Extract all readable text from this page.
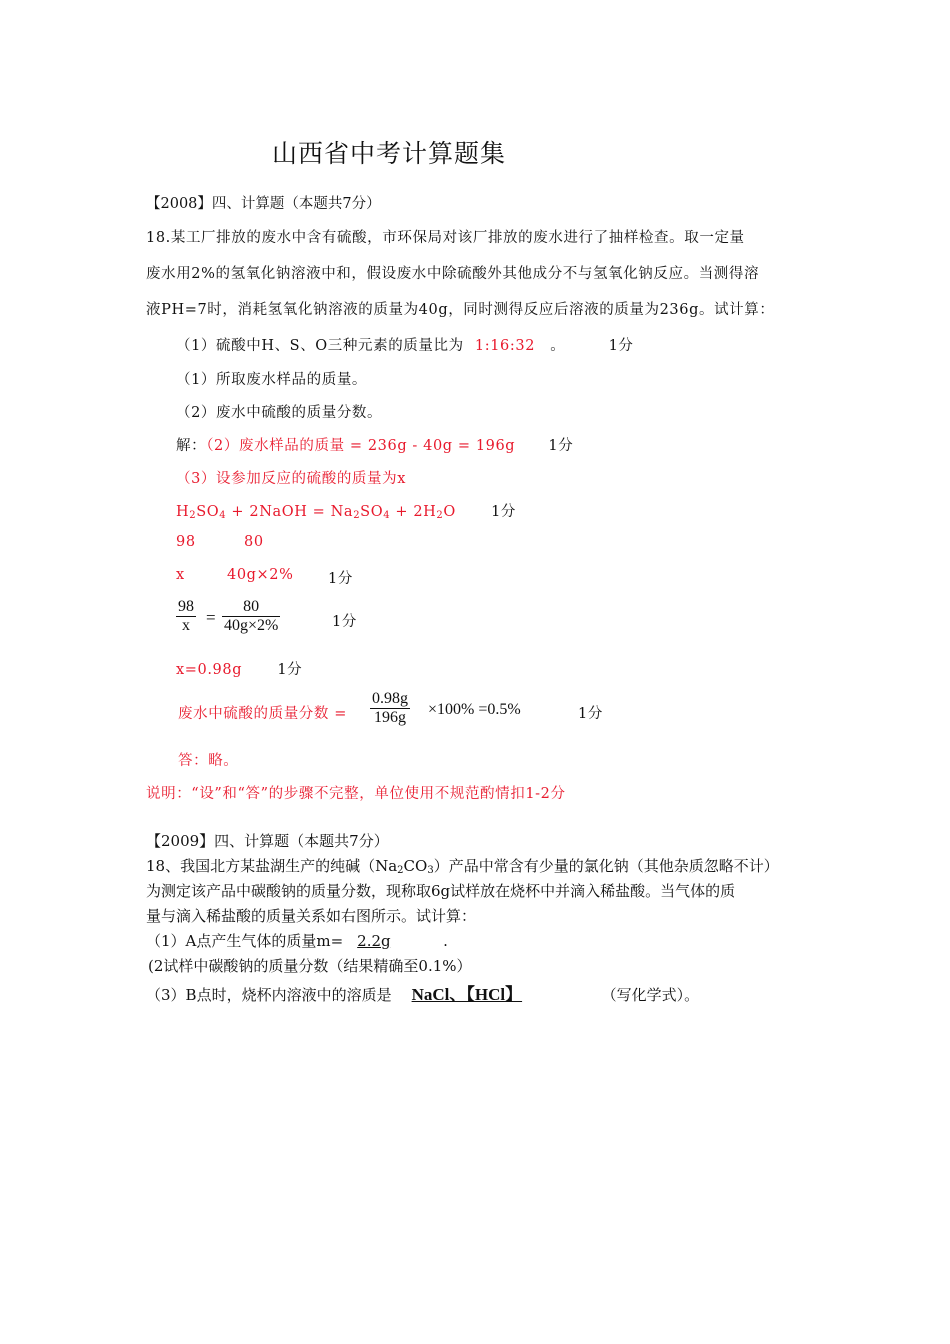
山西省中考计算题集
【2008】四、计算题（本题共7分）
18.某工厂排放的废水中含有硫酸，市环保局对该厂排放的废水进行了抽样检查。取一定量
废水用2%的氢氧化钠溶液中和，假设废水中除硫酸外其他成分不与氢氧化钠反应。当测得溶
液PH=7时，消耗氢氧化钠溶液的质量为40g，同时测得反应后溶液的质量为236g。试计算：
（1）硫酸中H、S、O三种元素的质量比为 1:16:32 。	1分
（1）所取废水样品的质量。
（2）废水中硫酸的质量分数。
解：（2）废水样品的质量 = 236g - 40g = 196g 1分
（3）设参加反应的硫酸的质量为x
$H_2SO_4$ + 2NaOH = $Na_2SO_4 + 2H_2O$ 1分
98	80
x	40g×2% 1分
$\frac{98}{x} = \frac{80}{40g\times 2\%}$	1分
x=0.98g 1分
废水中硫酸的质量分数 = $\frac{0.98g}{196g} \times 100\% =0.5\%$	1分
答：略。
说明：“设”和“答”的步骤不完整，单位使用不规范酌情扣1-2分
【2009】四、计算题（本题共7分）
18、我国北方某盐湖生产的纯碱$(Na_2CO_3)$产品中常含有少量的氯化钠（其他杂质忽略不计）
为测定该产品中碳酸钠的质量分数，现称取6g试样放在烧杯中并滴入稀盐酸。当气体的质
量与滴入稀盐酸的质量关系如右图所示。试计算：
（1）A点产生气体的质量m= 2.2g	.
(2试样中碳酸钠的质量分数（结果精确至0.1%）
（3）B点时，烧杯内溶液中的溶质是 NaCl、【HCl】	（写化学式）。
